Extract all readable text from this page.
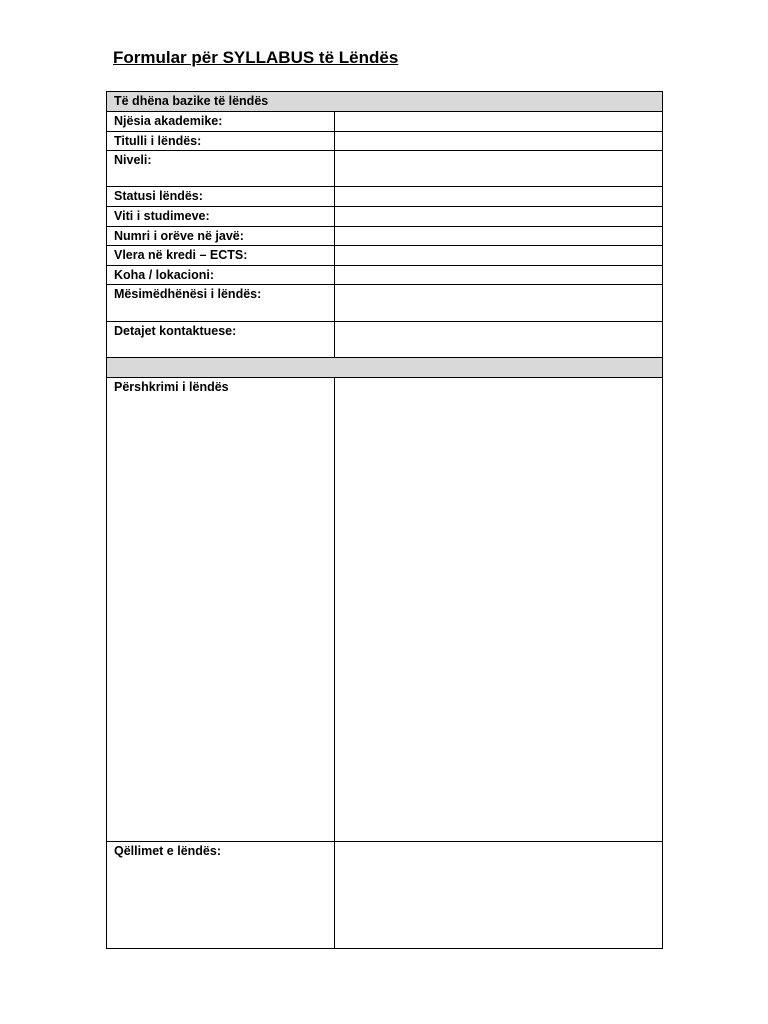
Formular për SYLLABUS të Lëndës
Të dhëna bazike të lëndës	
Njësia akademike:	
Titulli i lëndës:	
Niveli:	
Statusi lëndës:	
Viti i studimeve:	
Numri i orëve në javë:	
Vlera në kredi – ECTS:	
Koha / lokacioni:	
Mësimëdhënësi i lëndës:	
Detajet kontaktuese:	

Përshkrimi i lëndës	
Qëllimet e lëndës:	
